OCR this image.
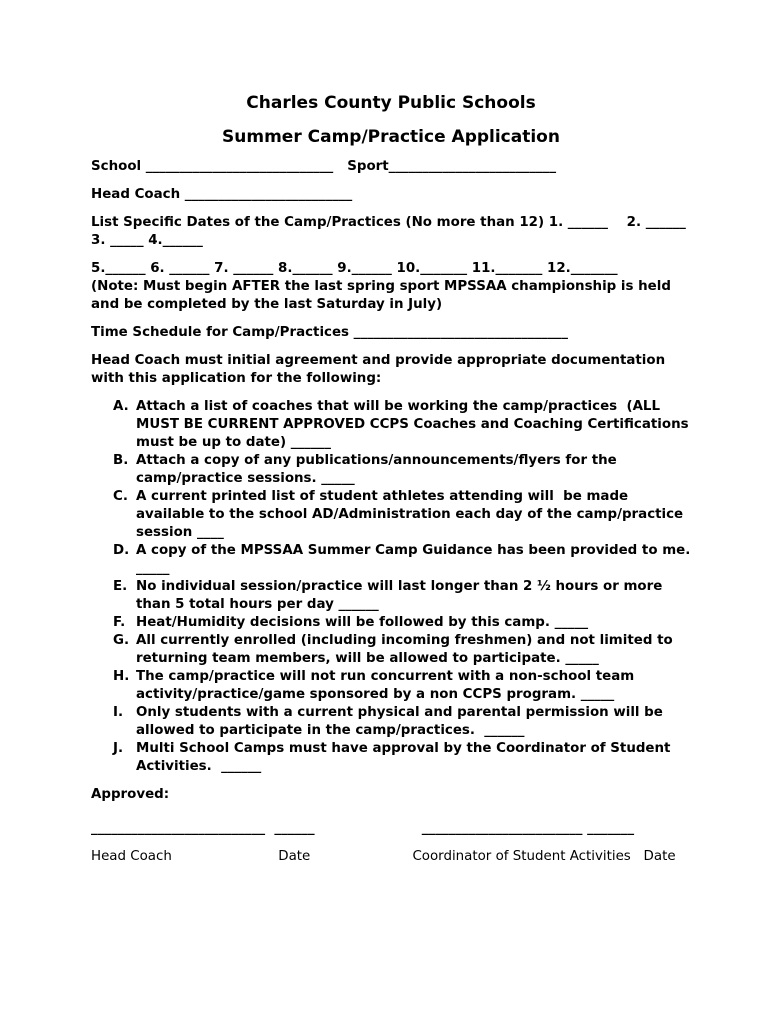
Charles County Public Schools

Summer Camp/Practice Application

School ____________________________   Sport_________________________

Head Coach _________________________

List Specific Dates of the Camp/Practices (No more than 12) 1. ______    2. ______   3. _____ 4.______

5.______ 6. ______ 7. ______ 8.______ 9.______ 10._______ 11._______ 12._______

(Note: Must begin AFTER the last spring sport MPSSAA championship is held and be completed by the last Saturday in July)

Time Schedule for Camp/Practices ________________________________

Head Coach must initial agreement and provide appropriate documentation with this application for the following:

A. Attach a list of coaches that will be working the camp/practices  (ALL MUST BE CURRENT APPROVED CCPS Coaches and Coaching Certifications must be up to date) ______
B. Attach a copy of any publications/announcements/flyers for the camp/practice sessions. _____
C. A current printed list of student athletes attending will  be made available to the school AD/Administration each day of the camp/practice session ____
D. A copy of the MPSSAA Summer Camp Guidance has been provided to me. _____
E. No individual session/practice will last longer than 2 ½ hours or more than 5 total hours per day ______
F. Heat/Humidity decisions will be followed by this camp. _____
G. All currently enrolled (including incoming freshmen) and not limited to returning team members, will be allowed to participate. _____
H. The camp/practice will not run concurrent with a non-school team activity/practice/game sponsored by a non CCPS program. _____
I. Only students with a current physical and parental permission will be allowed to participate in the camp/practices.  ______
J. Multi School Camps must have approval by the Coordinator of Student Activities.  ______

Approved:

__________________________  ______                       ________________________ _______

Head Coach                         Date                        Coordinator of Student Activities   Date
